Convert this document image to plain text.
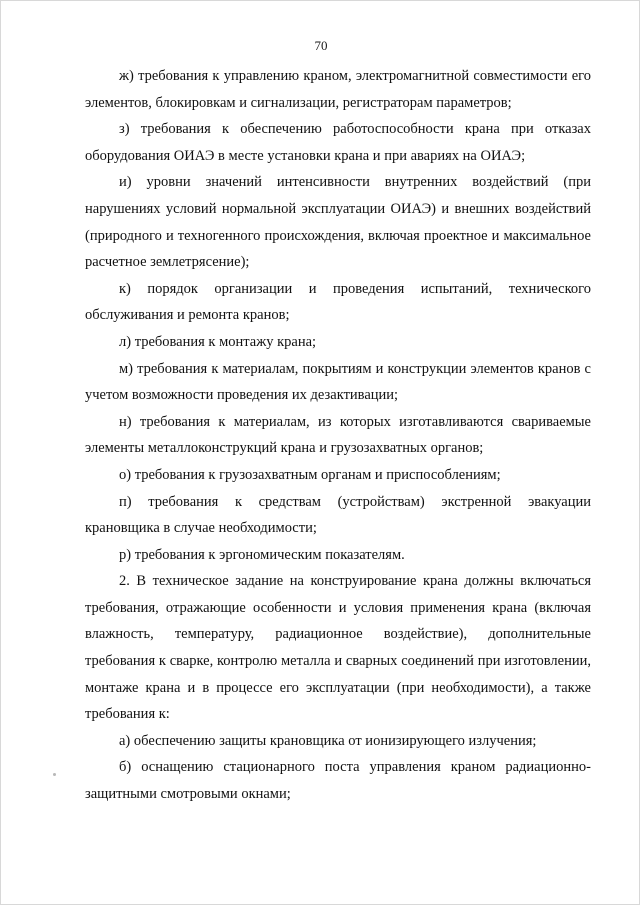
70

ж) требования к управлению краном, электромагнитной совместимости его элементов, блокировкам и сигнализации, регистраторам параметров;

з) требования к обеспечению работоспособности крана при отказах оборудования ОИАЭ в месте установки крана и при авариях на ОИАЭ;

и) уровни значений интенсивности внутренних воздействий (при нарушениях условий нормальной эксплуатации ОИАЭ) и внешних воздействий (природного и техногенного происхождения, включая проектное и максимальное расчетное землетрясение);

к) порядок организации и проведения испытаний, технического обслуживания и ремонта кранов;

л) требования к монтажу крана;

м) требования к материалам, покрытиям и конструкции элементов кранов с учетом возможности проведения их дезактивации;

н) требования к материалам, из которых изготавливаются свариваемые элементы металлоконструкций крана и грузозахватных органов;

о) требования к грузозахватным органам и приспособлениям;

п) требования к средствам (устройствам) экстренной эвакуации крановщика в случае необходимости;

р) требования к эргономическим показателям.

2. В техническое задание на конструирование крана должны включаться требования, отражающие особенности и условия применения крана (включая влажность, температуру, радиационное воздействие), дополнительные требования к сварке, контролю металла и сварных соединений при изготовлении, монтаже крана и в процессе его эксплуатации (при необходимости), а также требования к:

а) обеспечению защиты крановщика от ионизирующего излучения;

б) оснащению стационарного поста управления краном радиационно-защитными смотровыми окнами;
